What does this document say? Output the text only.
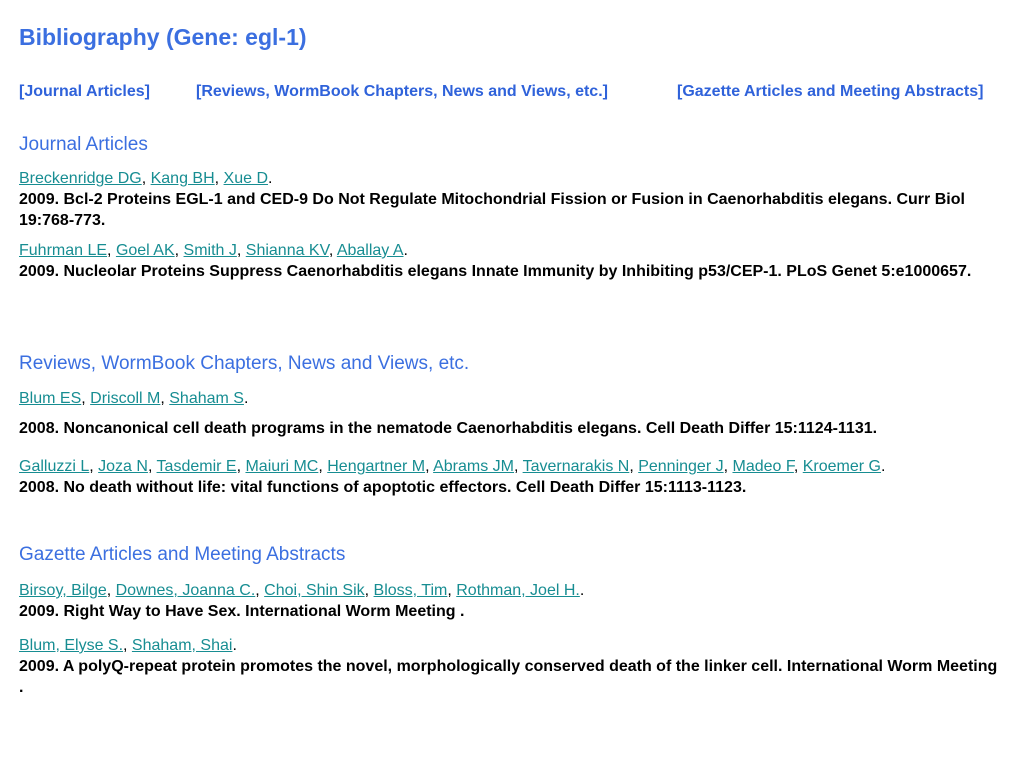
Bibliography (Gene: egl-1)
[Journal Articles]	[Reviews, WormBook Chapters, News and Views, etc.]	[Gazette Articles and Meeting Abstracts]
Journal Articles
Breckenridge DG, Kang BH, Xue D.

2009. Bcl-2 Proteins EGL-1 and CED-9 Do Not Regulate Mitochondrial Fission or Fusion in Caenorhabditis elegans. Curr Biol 19:768-773.

Fuhrman LE, Goel AK, Smith J, Shianna KV, Aballay A.

2009. Nucleolar Proteins Suppress Caenorhabditis elegans Innate Immunity by Inhibiting p53/CEP-1. PLoS Genet 5:e1000657.

Reviews, WormBook Chapters, News and Views, etc.
Blum ES, Driscoll M, Shaham S.

2008. Noncanonical cell death programs in the nematode Caenorhabditis elegans. Cell Death Differ 15:1124-1131.

Galluzzi L, Joza N, Tasdemir E, Maiuri MC, Hengartner M, Abrams JM, Tavernarakis N, Penninger J, Madeo F, Kroemer G.

2008. No death without life: vital functions of apoptotic effectors. Cell Death Differ 15:1113-1123.

Gazette Articles and Meeting Abstracts
Birsoy, Bilge, Downes, Joanna C., Choi, Shin Sik, Bloss, Tim, Rothman, Joel H..

2009. Right Way to Have Sex. International Worm Meeting .

Blum, Elyse S., Shaham, Shai.

2009. A polyQ-repeat protein promotes the novel, morphologically conserved death of the linker cell. International Worm Meeting .
